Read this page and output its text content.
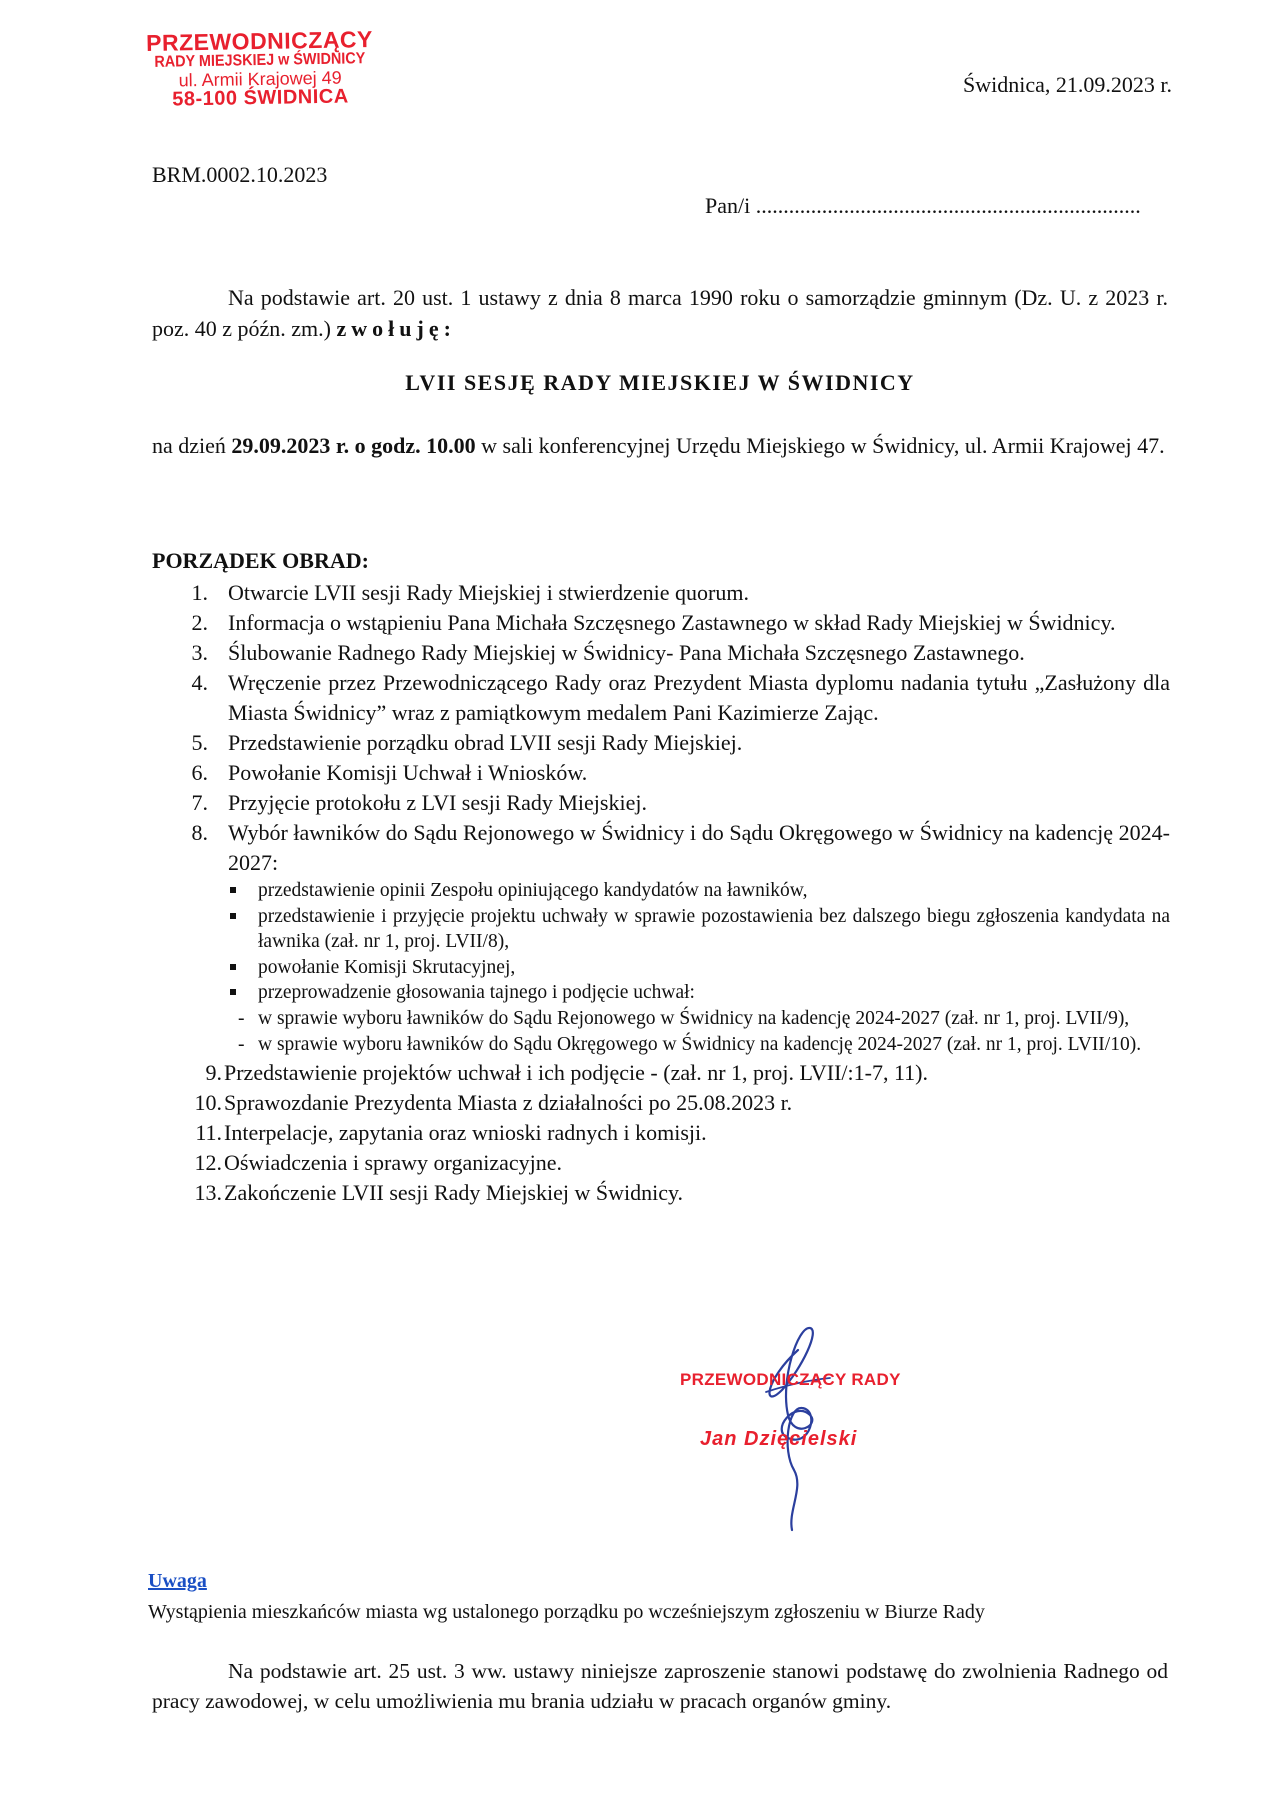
PRZEWODNICZĄCY
RADY MIEJSKIEJ w ŚWIDNICY
ul. Armii Krajowej 49
58-100 ŚWIDNICA
Świdnica, 21.09.2023 r.
BRM.0002.10.2023
Pan/i ......................................................................
Na podstawie art. 20 ust. 1 ustawy z dnia 8 marca 1990 roku o samorządzie gminnym (Dz. U. z 2023 r. poz. 40 z późn. zm.) zwołuję:
LVII SESJĘ RADY MIEJSKIEJ W ŚWIDNICY
na dzień 29.09.2023 r. o godz. 10.00 w sali konferencyjnej Urzędu Miejskiego w Świdnicy, ul. Armii Krajowej 47.
PORZĄDEK OBRAD:
1. Otwarcie LVII sesji Rady Miejskiej i stwierdzenie quorum.
2. Informacja o wstąpieniu Pana Michała Szczęsnego Zastawnego w skład Rady Miejskiej w Świdnicy.
3. Ślubowanie Radnego Rady Miejskiej w Świdnicy- Pana Michała Szczęsnego Zastawnego.
4. Wręczenie przez Przewodniczącego Rady oraz Prezydent Miasta dyplomu nadania tytułu „Zasłużony dla Miasta Świdnicy” wraz z pamiątkowym medalem Pani Kazimierze Zając.
5. Przedstawienie porządku obrad LVII sesji Rady Miejskiej.
6. Powołanie Komisji Uchwał i Wniosków.
7. Przyjęcie protokołu z LVI sesji Rady Miejskiej.
8. Wybór ławników do Sądu Rejonowego w Świdnicy i do Sądu Okręgowego w Świdnicy na kadencję 2024-2027:
przedstawienie opinii Zespołu opiniującego kandydatów na ławników,
przedstawienie i przyjęcie projektu uchwały w sprawie pozostawienia bez dalszego biegu zgłoszenia kandydata na ławnika (zał. nr 1, proj. LVII/8),
powołanie Komisji Skrutacyjnej,
przeprowadzenie głosowania tajnego i podjęcie uchwał:
- w sprawie wyboru ławników do Sądu Rejonowego w Świdnicy na kadencję 2024-2027 (zał. nr 1, proj. LVII/9),
- w sprawie wyboru ławników do Sądu Okręgowego w Świdnicy na kadencję 2024-2027 (zał. nr 1, proj. LVII/10).
9. Przedstawienie projektów uchwał i ich podjęcie - (zał. nr 1, proj. LVII/:1-7, 11).
10. Sprawozdanie Prezydenta Miasta z działalności po 25.08.2023 r.
11. Interpelacje, zapytania oraz wnioski radnych i komisji.
12. Oświadczenia i sprawy organizacyjne.
13. Zakończenie LVII sesji Rady Miejskiej w Świdnicy.
PRZEWODNICZĄCY RADY
Jan Dzięcielski
Uwaga
Wystąpienia mieszkańców miasta wg ustalonego porządku po wcześniejszym zgłoszeniu w Biurze Rady
Na podstawie art. 25 ust. 3 ww. ustawy niniejsze zaproszenie stanowi podstawę do zwolnienia Radnego od pracy zawodowej, w celu umożliwienia mu brania udziału w pracach organów gminy.
